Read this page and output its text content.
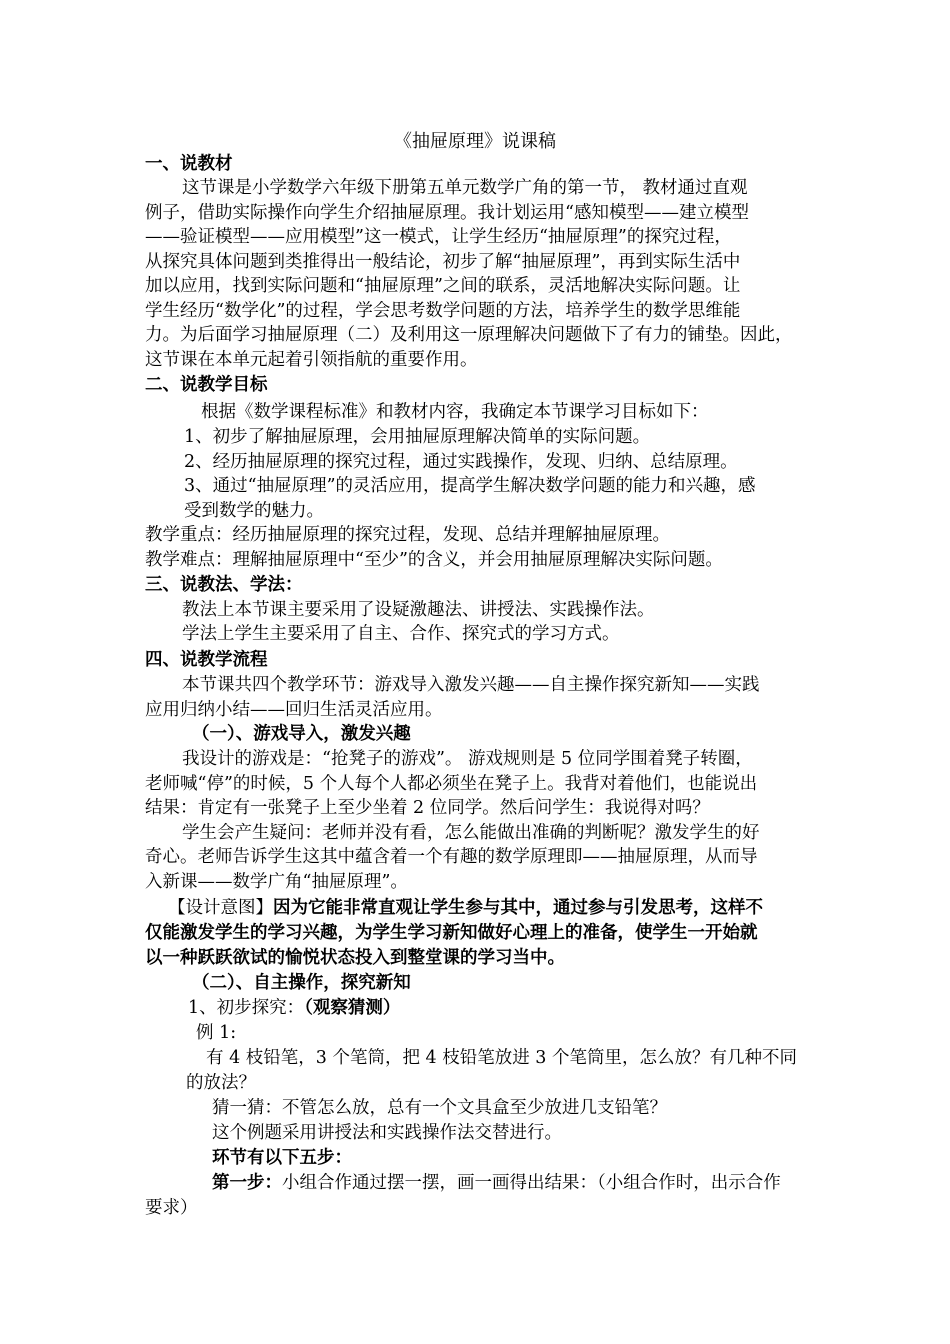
《抽屉原理》说课稿
一、说教材
这节课是小学数学六年级下册第五单元数学广角的第一节， 教材通过直观
例子，借助实际操作向学生介绍抽屉原理。我计划运用“感知模型——建立模型
——验证模型——应用模型”这一模式，让学生经历“抽屉原理”的探究过程，
从探究具体问题到类推得出一般结论，初步了解“抽屉原理”，再到实际生活中
加以应用，找到实际问题和“抽屉原理”之间的联系，灵活地解决实际问题。让
学生经历“数学化”的过程，学会思考数学问题的方法，培养学生的数学思维能
力。为后面学习抽屉原理（二）及利用这一原理解决问题做下了有力的铺垫。因此，
这节课在本单元起着引领指航的重要作用。
二、说教学目标
根据《数学课程标准》和教材内容，我确定本节课学习目标如下：
1、初步了解抽屉原理，会用抽屉原理解决简单的实际问题。
2、经历抽屉原理的探究过程，通过实践操作，发现、归纳、总结原理。
3、通过“抽屉原理”的灵活应用，提高学生解决数学问题的能力和兴趣，感
受到数学的魅力。
教学重点：经历抽屉原理的探究过程，发现、总结并理解抽屉原理。
教学难点：理解抽屉原理中“至少”的含义，并会用抽屉原理解决实际问题。
三、说教法、学法：
教法上本节课主要采用了设疑激趣法、讲授法、实践操作法。
学法上学生主要采用了自主、合作、探究式的学习方式。
四、说教学流程
本节课共四个教学环节：游戏导入激发兴趣——自主操作探究新知——实践
应用归纳小结——回归生活灵活应用。
（一）、游戏导入，激发兴趣
我设计的游戏是：“抢凳子的游戏”。 游戏规则是 5 位同学围着凳子转圈，
老师喊“停”的时候，5 个人每个人都必须坐在凳子上。我背对着他们，也能说出
结果：肯定有一张凳子上至少坐着 2 位同学。然后问学生：我说得对吗？
学生会产生疑问：老师并没有看，怎么能做出准确的判断呢？激发学生的好
奇心。老师告诉学生这其中蕴含着一个有趣的数学原理即——抽屉原理，从而导
入新课——数学广角“抽屉原理”。
【设计意图】因为它能非常直观让学生参与其中，通过参与引发思考，这样不
仅能激发学生的学习兴趣，为学生学习新知做好心理上的准备，使学生一开始就
以一种跃跃欲试的愉悦状态投入到整堂课的学习当中。
（二）、自主操作，探究新知
1、初步探究：（观察猜测）
例 1:
有 4 枝铅笔，3 个笔筒，把 4 枝铅笔放进 3 个笔筒里，怎么放？有几种不同
的放法？
猜一猜：不管怎么放，总有一个文具盒至少放进几支铅笔？
这个例题采用讲授法和实践操作法交替进行。
环节有以下五步：
第一步：小组合作通过摆一摆，画一画得出结果：（小组合作时，出示合作
要求）
